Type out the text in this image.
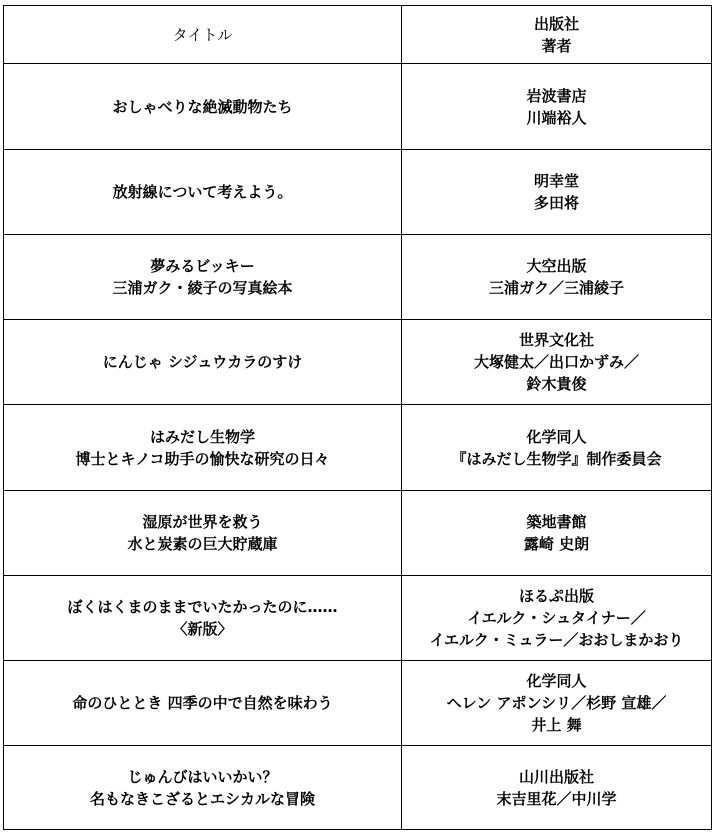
タイトル	出版社
著者

おしゃべりな絶滅動物たち	岩波書店
川端裕人

放射線について考えよう。	明幸堂
多田将

夢みるビッキー
三浦ガク・綾子の写真絵本	大空出版
三浦ガク／三浦綾子

にんじゃ シジュウカラのすけ	世界文化社
大塚健太／出口かずみ／
鈴木貴俊

はみだし生物学
博士とキノコ助手の愉快な研究の日々	化学同人
『はみだし生物学』制作委員会

湿原が世界を救う
水と炭素の巨大貯蔵庫	築地書館
露崎 史朗

ぼくはくまのままでいたかったのに……
〈新版〉	ほるぷ出版
イエルク・シュタイナー／
イエルク・ミュラー／おおしまかおり

命のひととき 四季の中で自然を味わう	化学同人
ヘレン アポンシリ／杉野 宣雄／
井上 舞

じゅんびはいいかい？
名もなきこざるとエシカルな冒険	山川出版社
末吉里花／中川学
